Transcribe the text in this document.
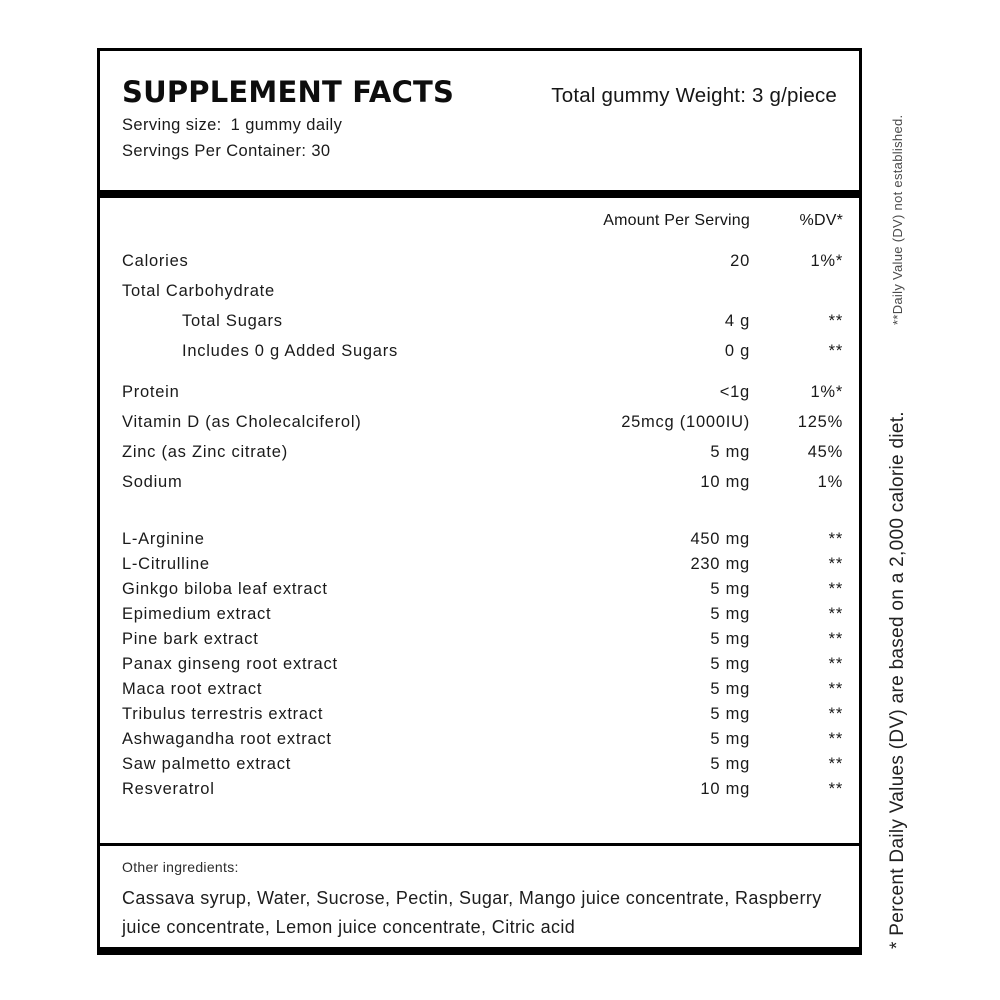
SUPPLEMENT FACTS	Total gummy Weight: 3 g/piece
Serving size: 1 gummy daily
Servings Per Container: 30
Amount Per Serving	%DV*
Calories	20	1%*
Total Carbohydrate
Total Sugars	4 g	**
Includes 0 g Added Sugars	0 g	**
Protein	<1g	1%*
Vitamin D (as Cholecalciferol)	25mcg (1000IU)	125%
Zinc (as Zinc citrate)	5 mg	45%
Sodium	10 mg	1%
L-Arginine	450 mg	**
L-Citrulline	230 mg	**
Ginkgo biloba leaf extract	5 mg	**
Epimedium extract	5 mg	**
Pine bark extract	5 mg	**
Panax ginseng root extract	5 mg	**
Maca root extract	5 mg	**
Tribulus terrestris extract	5 mg	**
Ashwagandha root extract	5 mg	**
Saw palmetto extract	5 mg	**
Resveratrol	10 mg	**
Other ingredients:
Cassava syrup, Water, Sucrose, Pectin, Sugar, Mango juice concentrate, Raspberry juice concentrate, Lemon juice concentrate, Citric acid
**Daily Value (DV) not established.
* Percent Daily Values (DV) are based on a 2,000 calorie diet.
